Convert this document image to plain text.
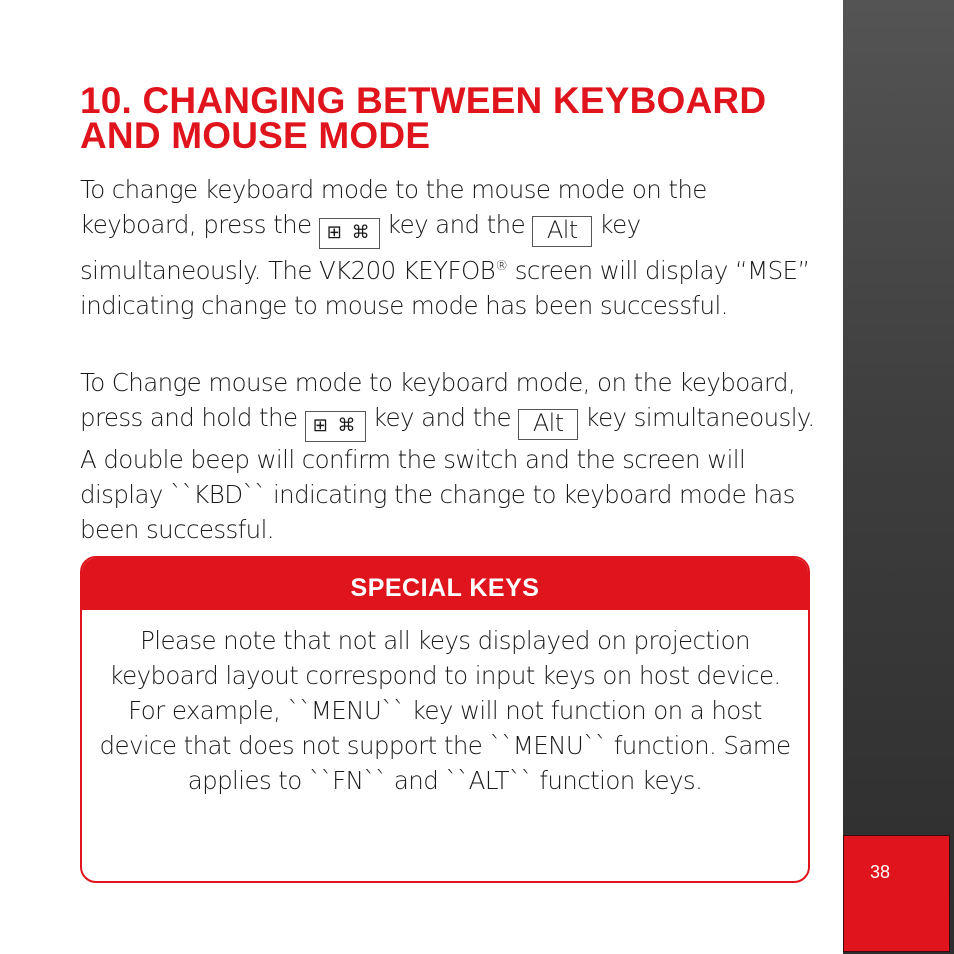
38
10. CHANGING BETWEEN KEYBOARD AND MOUSE MODE

To change keyboard mode to the mouse mode on the keyboard, press the ⊞ ⌘ key and the Alt key simultaneously. The VK200 KEYFOB® screen will display “MSE” indicating change to mouse mode has been successful.

To Change mouse mode to keyboard mode, on the keyboard, press and hold the ⊞ ⌘ key and the Alt key simultaneously. A double beep will confirm the switch and the screen will display ``KBD`` indicating the change to keyboard mode has been successful.

SPECIAL KEYS

Please note that not all keys displayed on projection keyboard layout correspond to input keys on host device. For example, ``MENU`` key will not function on a host device that does not support the ``MENU`` function. Same applies to ``FN`` and ``ALT`` function keys.
